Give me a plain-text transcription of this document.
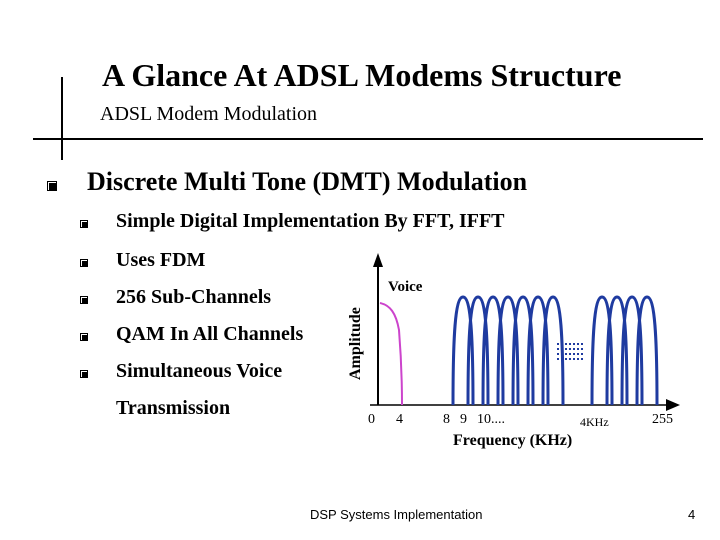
A Glance At ADSL Modems Structure
ADSL Modem Modulation
Discrete Multi Tone (DMT) Modulation
Simple Digital Implementation By FFT, IFFT
Uses FDM
256 Sub-Channels
QAM In All Channels
Simultaneous Voice
Transmission
Amplitude
Voice
0 4	8 9 10....	4KHz	255
Frequency (KHz)
DSP Systems Implementation	4
